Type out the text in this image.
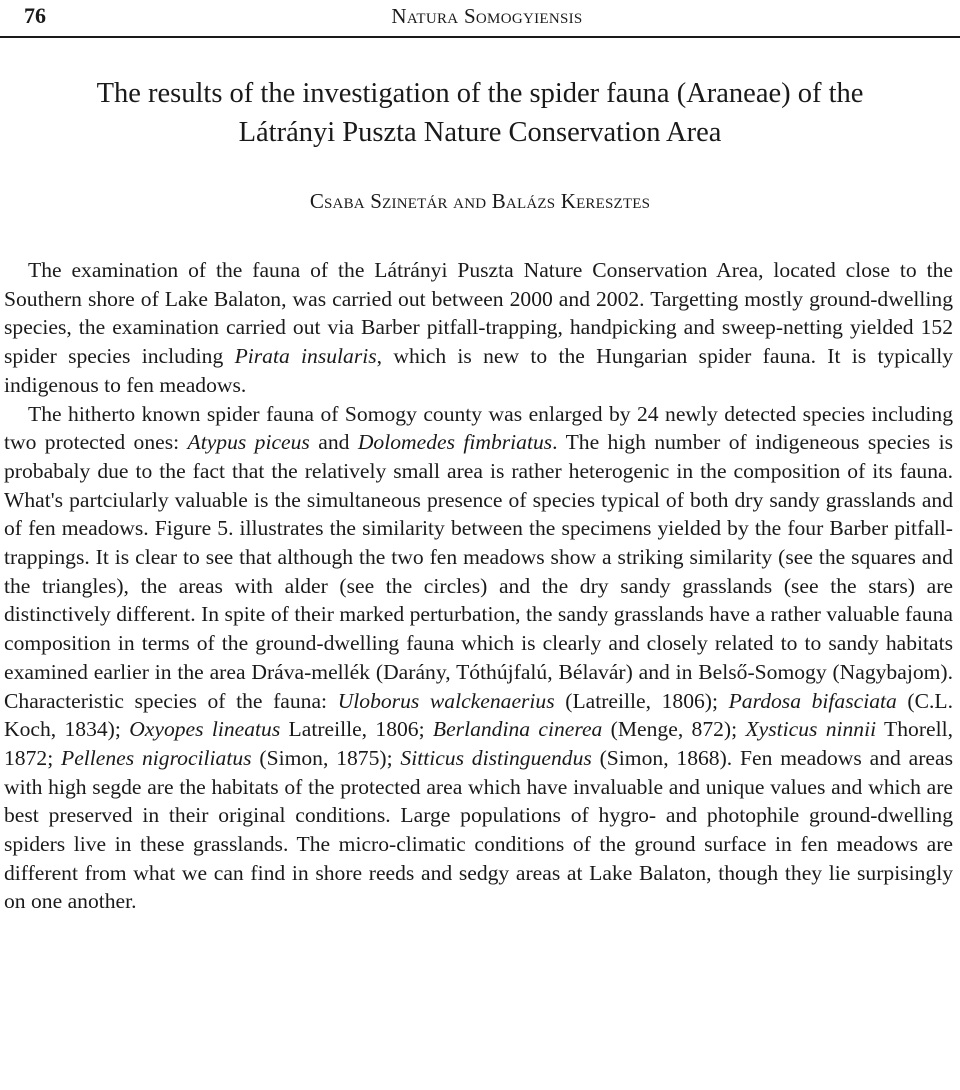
76	Natura Somogyiensis
The results of the investigation of the spider fauna (Araneae) of the
Látrányi Puszta Nature Conservation Area
Csaba Szinetár and Balázs Keresztes

The examination of the fauna of the Látrányi Puszta Nature Conservation Area, located close to the Southern shore of Lake Balaton, was carried out between 2000 and 2002. Targetting mostly ground-dwelling species, the examination carried out via Barber pitfall-trapping, handpicking and sweep-netting yielded 152 spider species including Pirata insularis, which is new to the Hungarian spider fauna. It is typically indigenous to fen meadows.

The hitherto known spider fauna of Somogy county was enlarged by 24 newly detected species including two protected ones: Atypus piceus and Dolomedes fimbriatus. The high number of indigeneous species is probabaly due to the fact that the relatively small area is rather heterogenic in the composition of its fauna. What's partciularly valuable is the simultaneous presence of species typical of both dry sandy grasslands and of fen meadows. Figure 5. illustrates the similarity between the specimens yielded by the four Barber pitfall-trappings. It is clear to see that although the two fen meadows show a striking similarity (see the squares and the triangles), the areas with alder (see the circles) and the dry sandy grasslands (see the stars) are distinctively different. In spite of their marked perturbation, the sandy grasslands have a rather valuable fauna composition in terms of the ground-dwelling fauna which is clearly and closely related to to sandy habitats examined earlier in the area Dráva-mellék (Darány, Tóthújfalú, Bélavár) and in Belső-Somogy (Nagybajom). Characteristic species of the fauna: Uloborus walckenaerius (Latreille, 1806); Pardosa bifasciata (C.L. Koch, 1834); Oxyopes lineatus Latreille, 1806; Berlandina cinerea (Menge, 872); Xysticus ninnii Thorell, 1872; Pellenes nigrociliatus (Simon, 1875); Sitticus distinguendus (Simon, 1868). Fen meadows and areas with high segde are the habitats of the protected area which have invaluable and unique values and which are best preserved in their original conditions. Large populations of hygro- and photophile ground-dwelling spiders live in these grasslands. The micro-climatic conditions of the ground surface in fen meadows are different from what we can find in shore reeds and sedgy areas at Lake Balaton, though they lie surpisingly on one another.
